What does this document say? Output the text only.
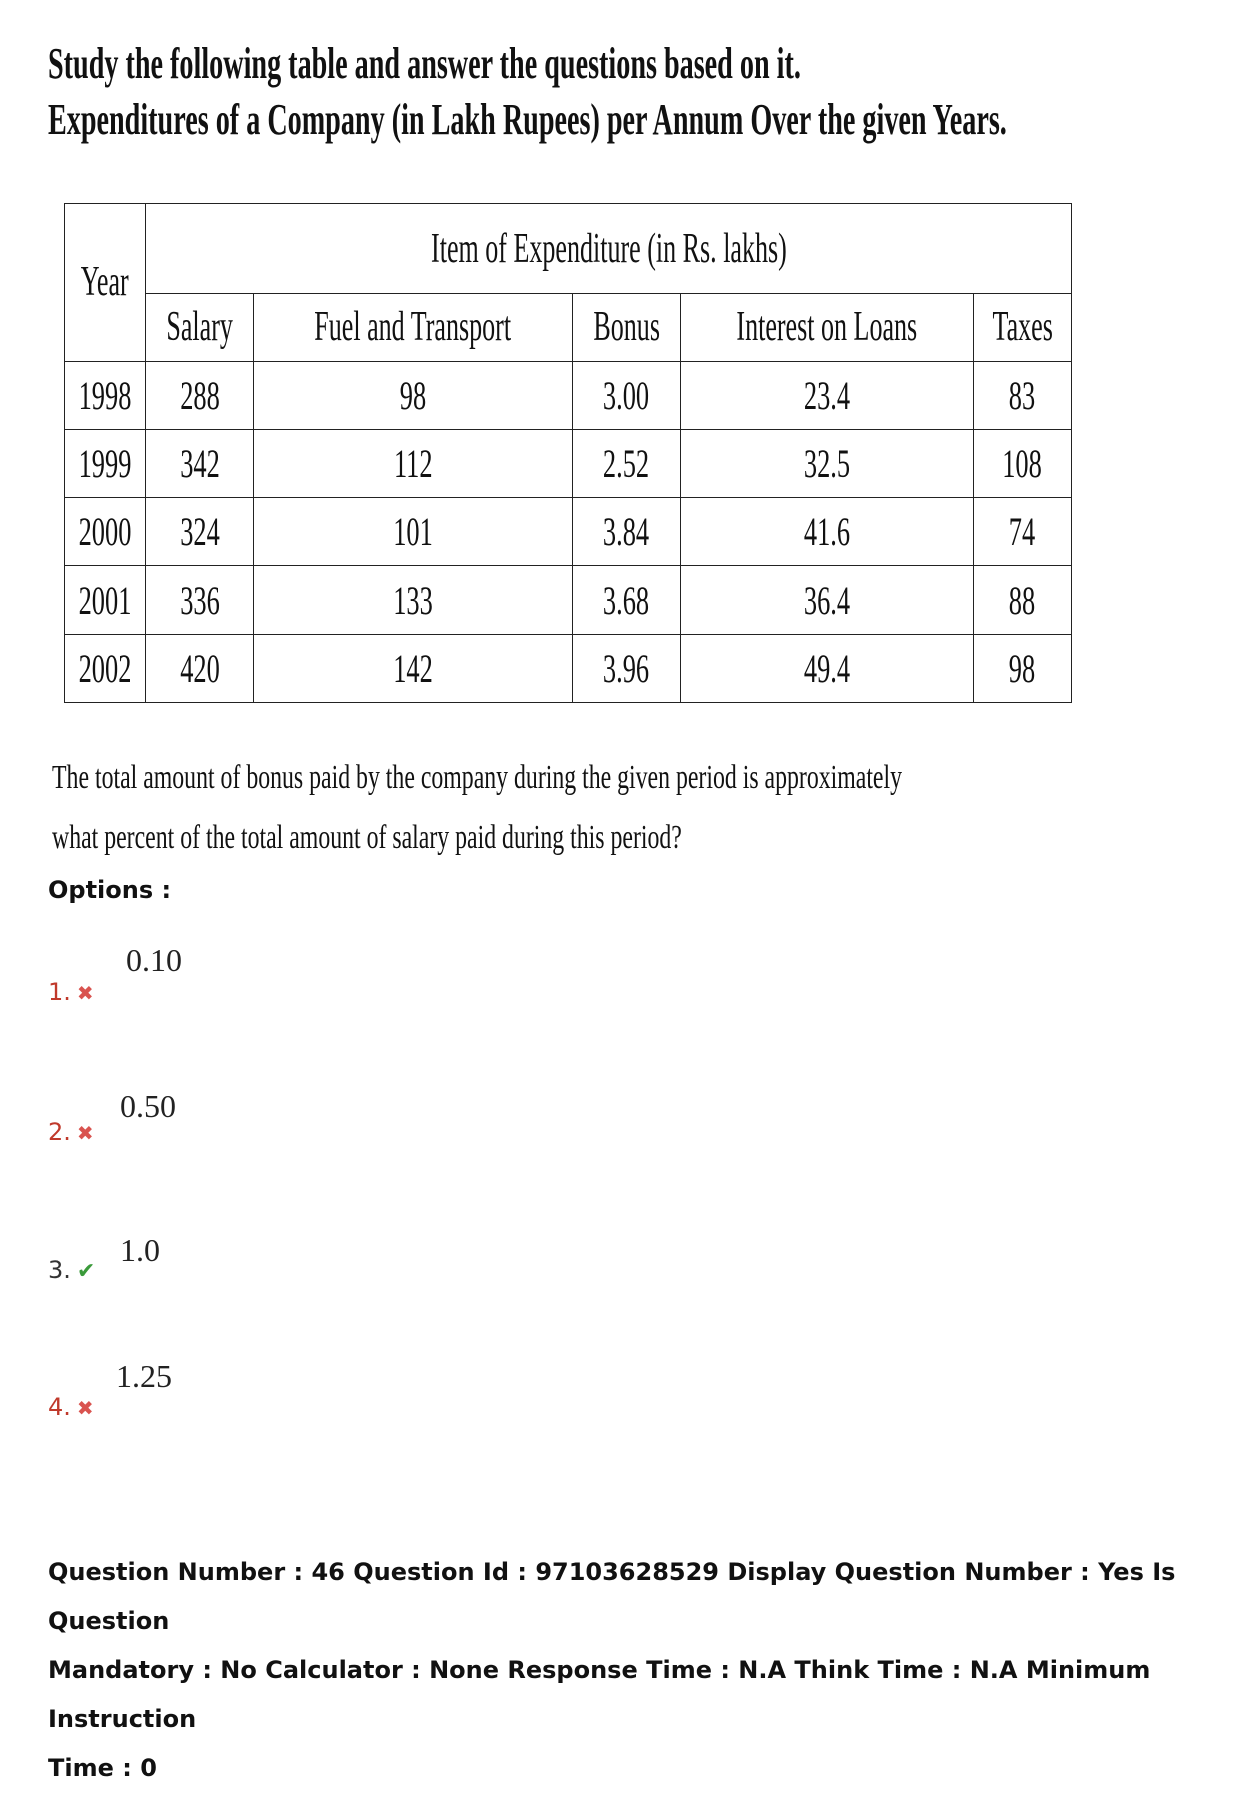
Study the following table and answer the questions based on it.
Expenditures of a Company (in Lakh Rupees) per Annum Over the given Years.
Year	Item of Expenditure (in Rs. lakhs)				
	Salary	Fuel and Transport	Bonus	Interest on Loans	Taxes
1998	288	98	3.00	23.4	83
1999	342	112	2.52	32.5	108
2000	324	101	3.84	41.6	74
2001	336	133	3.68	36.4	88
2002	420	142	3.96	49.4	98
The total amount of bonus paid by the company during the given period is approximately
what percent of the total amount of salary paid during this period?
Options :
1. ✖
0.10
2. ✖
0.50
3. ✔
1.0
4. ✖
1.25
Question Number : 46 Question Id : 97103628529 Display Question Number : Yes Is Question
Mandatory : No Calculator : None Response Time : N.A Think Time : N.A Minimum Instruction
Time : 0
